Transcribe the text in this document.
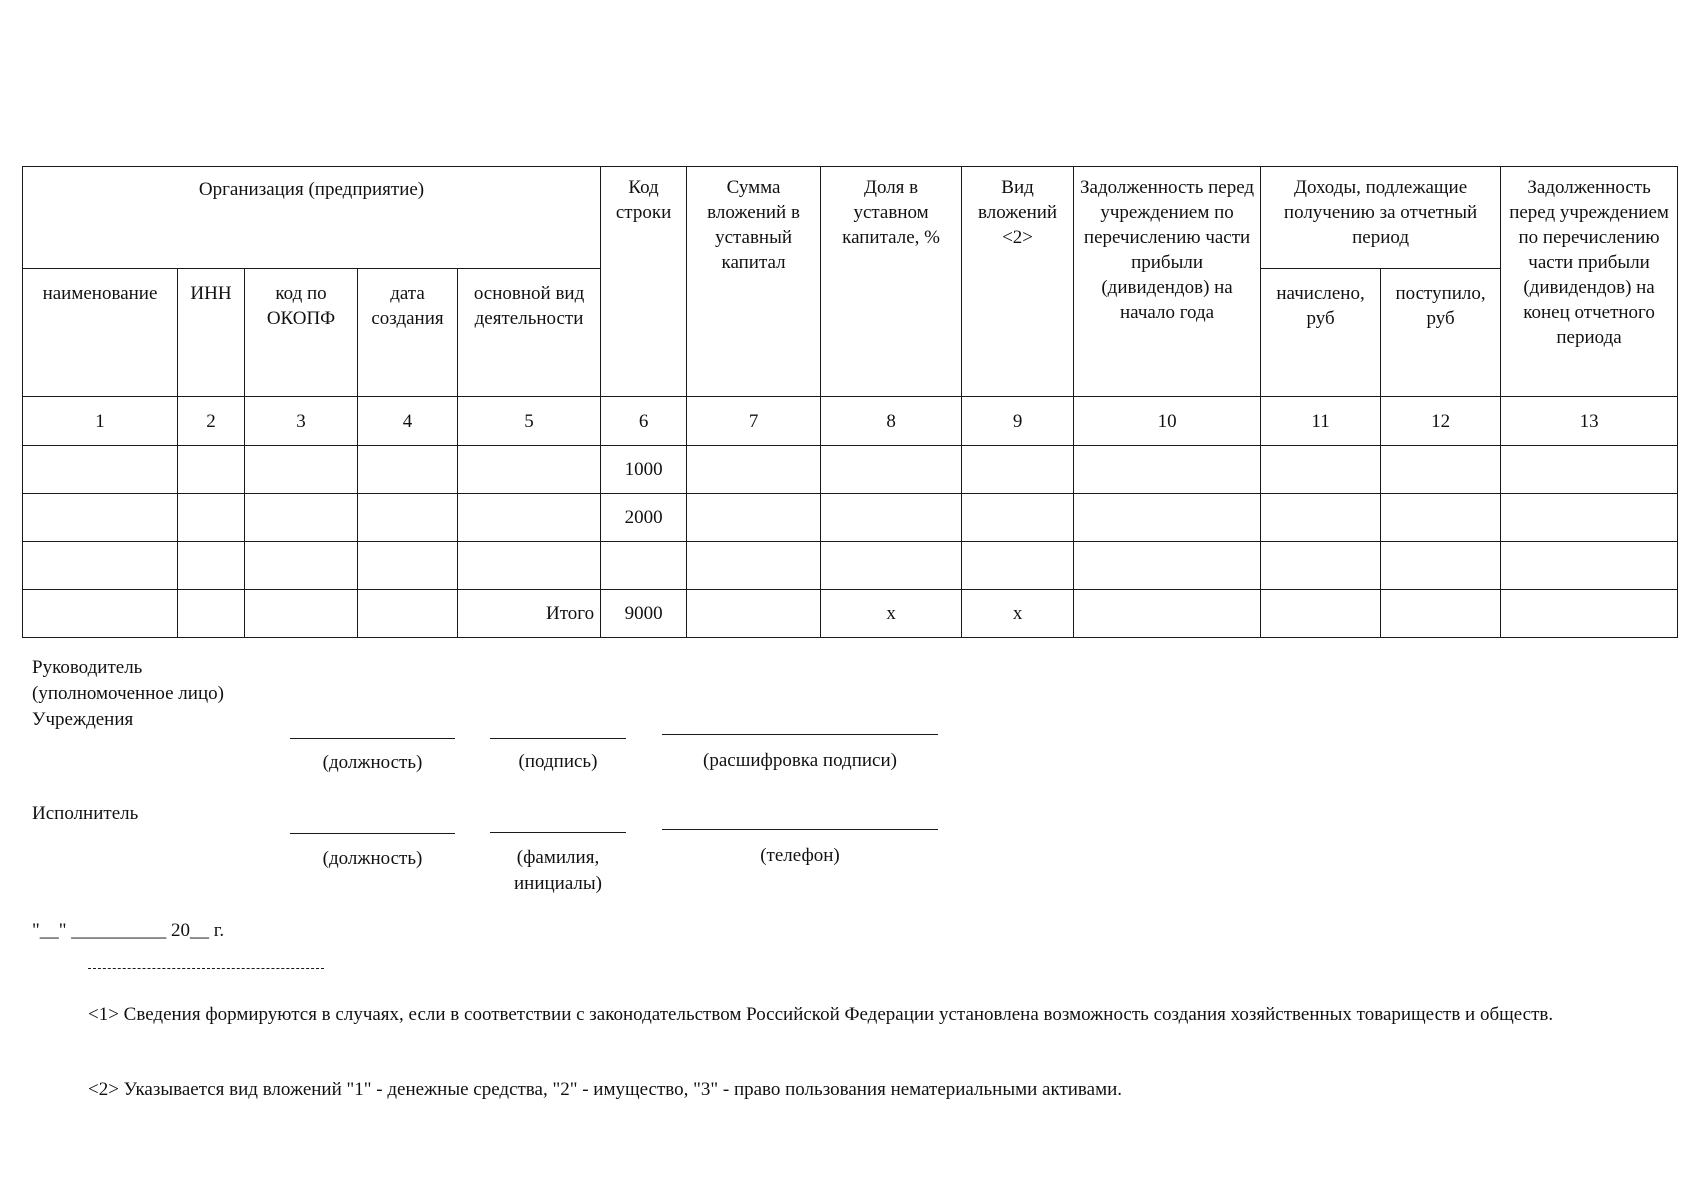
Организация (предприятие)					Код строки	Сумма вложений в уставный капитал	Доля в уставном капитале, %	Вид вложений <2>	Задолженность перед учреждением по перечислению части прибыли (дивидендов) на начало года	Доходы, подлежащие получению за отчетный период		Задолженность перед учреждением по перечислению части прибыли (дивидендов) на конец отчетного периода
наименование	ИНН	код по ОКОПФ	дата создания	основной вид деятельности						начислено, руб	поступило, руб	
1	2	3	4	5	6	7	8	9	10	11	12	13
					1000							
					2000							

				Итого	9000		x	x				
Руководитель
(уполномоченное лицо)
Учреждения
(должность)	(подпись)	(расшифровка подписи)
Исполнитель
(должность)	(фамилия,
инициалы)
(телефон)
"__" __________ 20__ г.
<1> Сведения формируются в случаях, если в соответствии с законодательством Российской Федерации установлена возможность создания хозяйственных товариществ и обществ.
<2> Указывается вид вложений "1" - денежные средства, "2" - имущество, "3" - право пользования нематериальными активами.
